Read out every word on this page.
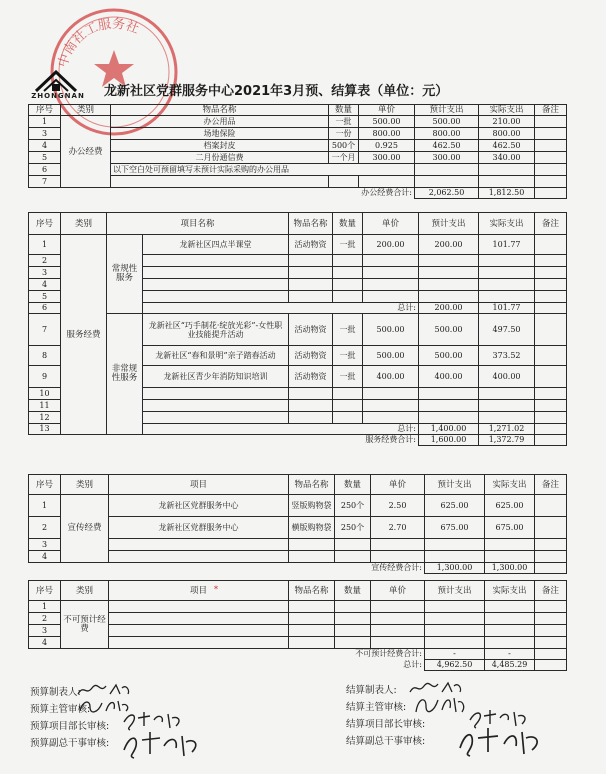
中南社工服务社
ZHONGNAN	龙新社区党群服务中心2021年3月预、结算表（单位：元）
序号	类别	物品名称	数量	单价	预计支出	实际支出	备注
1	办公经费	办公用品	一批	500.00	500.00	210.00	
3		场地保险	一份	800.00	800.00	800.00	
4		档案封皮	500个	0.925	462.50	462.50	
5		二月份通信费	一个月	300.00	300.00	340.00	
6		以下空白处可预留填写未预计实际采购的办公用品					
7							
办公经费合计:					2,062.50	1,812.50	
序号	类别	项目名称		物品名称	数量	单价	预计支出	实际支出	备注
1	服务经费	常规性服务	龙新社区四点半课堂	活动物资	一批	200.00	200.00	101.77	
2									
3									
4									
5									
6			总计:				200.00	101.77	
7		非常规性服务	龙新社区“巧手制花·绽放光彩”-女性职业技能提升活动	活动物资	一批	500.00	500.00	497.50	
8			龙新社区“春和景明”亲子踏春活动	活动物资	一批	500.00	500.00	373.52	
9			龙新社区青少年消防知识培训	活动物资	一批	400.00	400.00	400.00	
10									
11									
12									
13			总计:				1,400.00	1,271.02	
服务经费合计:							1,600.00	1,372.79	
序号	类别	项目	物品名称	数量	单价	预计支出	实际支出	备注
1	宣传经费	龙新社区党群服务中心	竖版购物袋	250个	2.50	625.00	625.00	
2		龙新社区党群服务中心	横版购物袋	250个	2.70	675.00	675.00	
3								
4								
宣传经费合计:						1,300.00	1,300.00	
序号	类别	项目	物品名称	数量	单价	预计支出	实际支出	备注
1	不可预计经费							
2								
3								
4								
不可预计经费合计:						-	-	
总计:						4,962.50	4,485.29	
*
预算制表人:
预算主管审核:
预算项目部长审核:
预算副总干事审核:
结算制表人:
结算主管审核:
结算项目部长审核:
结算副总干事审核:
